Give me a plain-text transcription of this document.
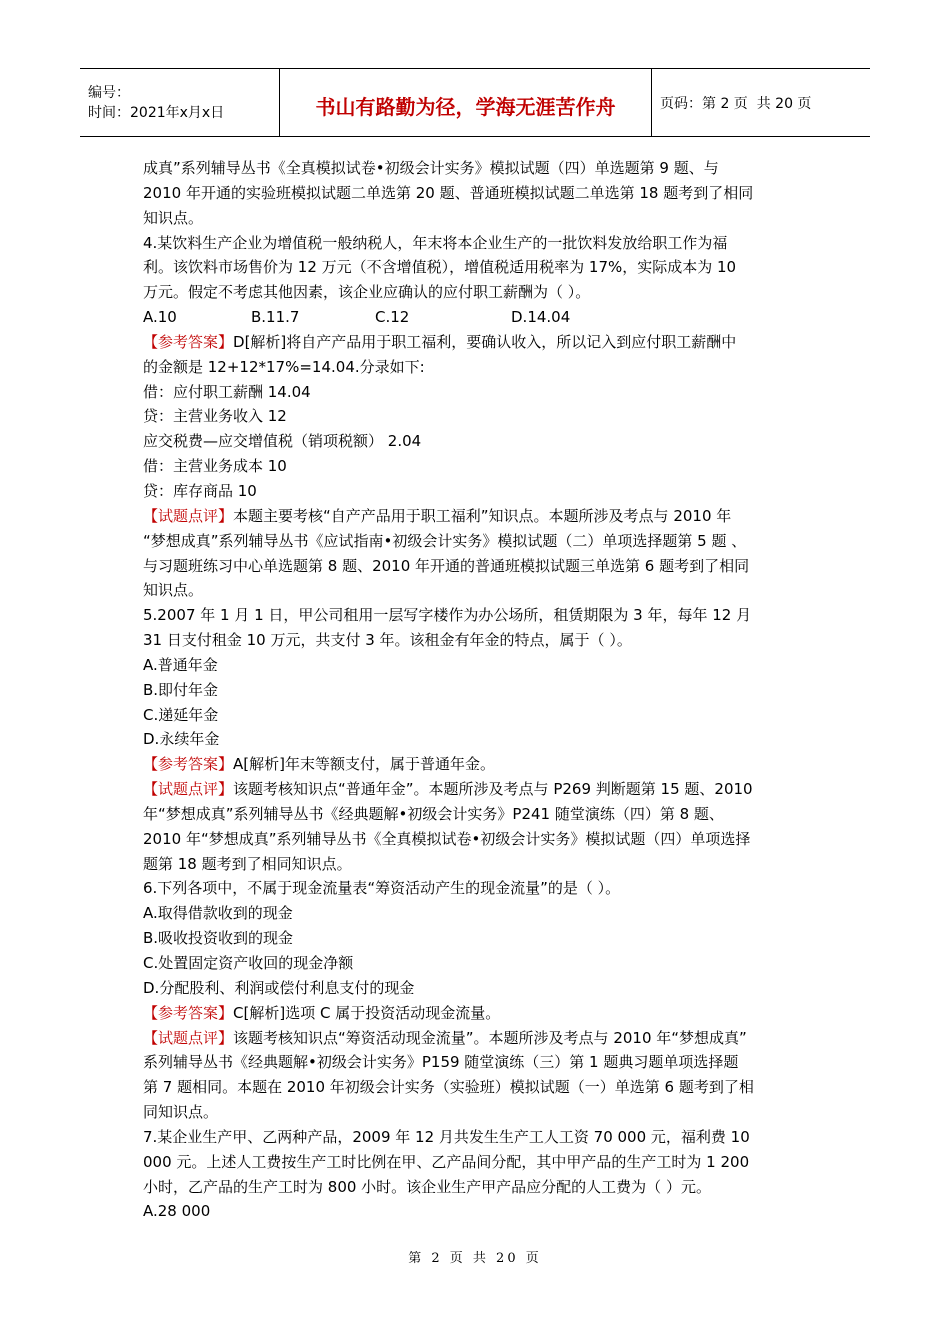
编号：
时间：2021年x月x日	书山有路勤为径，学海无涯苦作舟	页码：第 2 页  共 20 页
成真”系列辅导丛书《全真模拟试卷•初级会计实务》模拟试题（四）单选题第 9 题、与
2010 年开通的实验班模拟试题二单选第 20 题、普通班模拟试题二单选第 18 题考到了相同
知识点。
4.某饮料生产企业为增值税一般纳税人，年末将本企业生产的一批饮料发放给职工作为福
利。该饮料市场售价为 12 万元（不含增值税），增值税适用税率为 17%，实际成本为 10
万元。假定不考虑其他因素，该企业应确认的应付职工薪酬为（ ）。
A.10	B.11.7	C.12	D.14.04
【参考答案】D[解析]将自产产品用于职工福利，要确认收入，所以记入到应付职工薪酬中
的金额是 12+12*17%=14.04.分录如下:
借：应付职工薪酬 14.04
贷：主营业务收入 12
应交税费—应交增值税（销项税额） 2.04
借：主营业务成本 10
贷：库存商品 10
【试题点评】本题主要考核“自产产品用于职工福利”知识点。本题所涉及考点与 2010 年
“梦想成真”系列辅导丛书《应试指南•初级会计实务》模拟试题（二）单项选择题第 5 题 、
与习题班练习中心单选题第 8 题、2010 年开通的普通班模拟试题三单选第 6 题考到了相同
知识点。
5.2007 年 1 月 1 日，甲公司租用一层写字楼作为办公场所，租赁期限为 3 年，每年 12 月
31 日支付租金 10 万元，共支付 3 年。该租金有年金的特点，属于（ ）。
A.普通年金
B.即付年金
C.递延年金
D.永续年金
【参考答案】A[解析]年末等额支付，属于普通年金。
【试题点评】该题考核知识点“普通年金”。本题所涉及考点与 P269 判断题第 15 题、2010
年“梦想成真”系列辅导丛书《经典题解•初级会计实务》P241 随堂演练（四）第 8 题、
2010 年“梦想成真”系列辅导丛书《全真模拟试卷•初级会计实务》模拟试题（四）单项选择
题第 18 题考到了相同知识点。
6.下列各项中，不属于现金流量表“筹资活动产生的现金流量”的是（ ）。
A.取得借款收到的现金
B.吸收投资收到的现金
C.处置固定资产收回的现金净额
D.分配股利、利润或偿付利息支付的现金
【参考答案】C[解析]选项 C 属于投资活动现金流量。
【试题点评】该题考核知识点“筹资活动现金流量”。本题所涉及考点与 2010 年“梦想成真”
系列辅导丛书《经典题解•初级会计实务》P159 随堂演练（三）第 1 题典习题单项选择题
第 7 题相同。本题在 2010 年初级会计实务（实验班）模拟试题（一）单选第 6 题考到了相
同知识点。
7.某企业生产甲、乙两种产品，2009 年 12 月共发生生产工人工资 70 000 元，福利费 10
000 元。上述人工费按生产工时比例在甲、乙产品间分配，其中甲产品的生产工时为 1 200
小时，乙产品的生产工时为 800 小时。该企业生产甲产品应分配的人工费为（ ）元。
A.28 000
第 2 页 共 20 页
